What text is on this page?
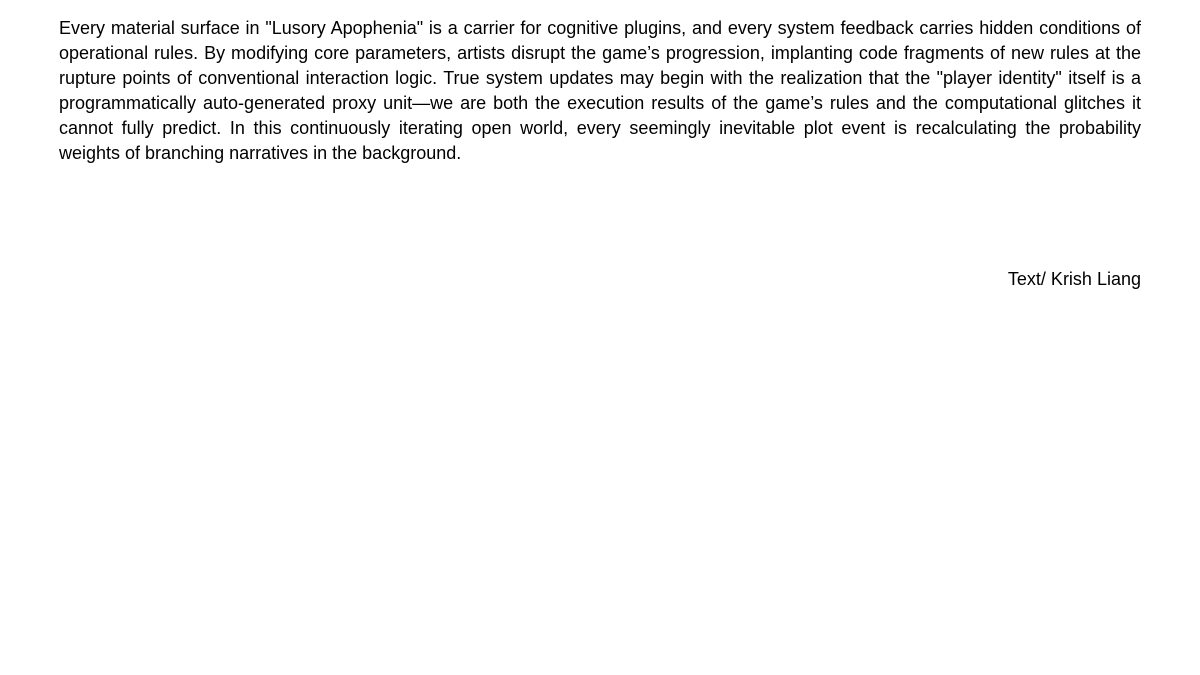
Every material surface in "Lusory Apophenia" is a carrier for cognitive plugins, and every system feedback carries hidden conditions of operational rules. By modifying core parameters, artists disrupt the game’s progression, implanting code fragments of new rules at the rupture points of conventional interaction logic. True system updates may begin with the realization that the "player identity" itself is a programmatically auto-generated proxy unit—we are both the execution results of the game’s rules and the computational glitches it cannot fully predict. In this continuously iterating open world, every seemingly inevitable plot event is recalculating the probability weights of branching narratives in the background.

Text/ Krish Liang
